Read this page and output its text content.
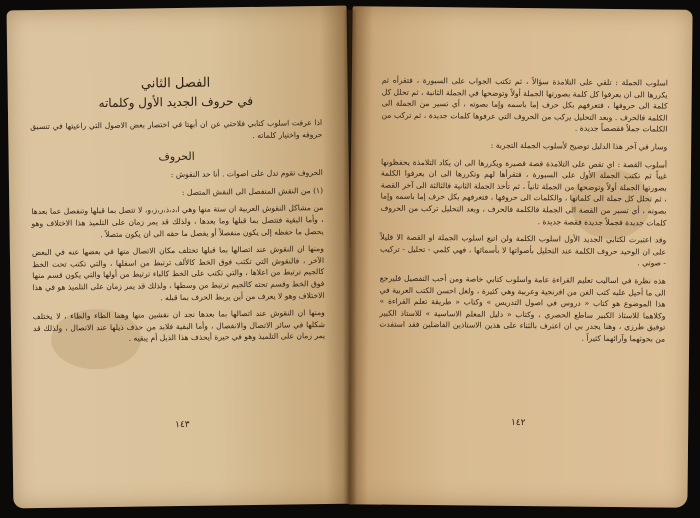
الفصل الثاني
في حروف الجديد الأول وكلماته

اذا عرفت اسلوب كتابي فلاحتي عن ان أبهتا في اختصار بعض الاصول التي راعيتها في تنسيق حروفه واختيار كلماته .

الحروف

الحروف تقوم تدل على اصوات . أنا حد النقوش :

(١) من النقش المنفصل الى النقش المتصل :

من مشاكل النقوش العربية ان ستة منها وهي ا،د،ذ،ر،ز،و، لا تتصل بما قبلها وتنفصل عما بعدها ، وأما البقية فتتصل بما قبلها وما بعدها ، ولذلك قد يمر زمان على التلميذ هذا الاختلاف وهو يحصل ما حفظه إلى يكون منفصلاً أو يفصل ما حقه الى ان يكون متصلاً .

ومنها ان النقوش عند اتصالها بما قبلها تختلف مكان الاتصال منها في بعضها عنه في البعض الآخر ، فالنقوش التي تكتب فوق الخط كالألف ترتبط من اسفلها ، والتي تكتب تحت الخط كالجيم ترتبط من اعلاها ، والتي تكتب على الخط كالباء ترتبط من أولها والتي يكون قسم منها فوق الخط وقسم تحته كالجيم ترتبط من وسطها ، ولذلك قد يمر زمان على التلميذ هو في هذا الاختلاف وهو لا يعرف من أين يربط الحرف بما قبله .

ومنها ان النقوش عند اتصالها بما بعدها نجد ان نقشين منها وهما الطاء والظاء ، لا يختلف شكلها في سائر الاتصال والانفصال ، وأما البقية فلابد من حذف ذيلها عند الاتصال ، ولذلك قد يمر زمان على التلميذ وهو في حيرة أيحذف هذا الذيل أم يبقيه .

١٤٣

اسلوب الجملة : تلقي على التلامذة سؤالاً ، ثم تكتب الجواب على السبورة ، فتقرأه ثم يكررها الى ان يعرفوا كل كلمة بصورتها الجملة أولاً وتوضحها في الجملة الثانية ، ثم تحلل كل كلمة الى حروفها ، فتعرفهم بكل حرف إما باسمه وإما بصوته ، أي تسير من الجملة الى الكلمة فالحرف . وبعد التحليل يركب من الحروف التي عرفوها كلمات جديدة ، ثم تركب من الكلمات جملاً فقصصاً جديدة .

وسار في آخر هذا الدليل توضيح لأسلوب الجملة التجربة :

أسلوب القصة : اي تقص على التلامذة قصة قصيرة ويكررها الى ان يكاد التلامذة يحفظونها غيباً ثم تكتب الجملة الأول على السبورة ، فتقرأها لهم وتكررها الى ان يعرفوا الكلمة بصورتها الجملة أولاً وتوضحها من الجملة ثانياً ، ثم تأخذ الجملة الثانية فالثالثة الى آخر القصة ، ثم تحلل كل جملة الى كلماتها ، والكلمات الى حروفها ، فتعرفهم بكل حرف إما باسمه وإما بصوته ، أي تسير من القصة الى الجملة فالكلمة فالحرف ، وبعد التحليل تركب من الحروف كلمات جديدة فجملاً جديدة فقصة جديدة .

وقد اعتبرت لكتابي الجديد الأول اسلوب الكلمة ولن اتبع اسلوب الجملة او القصة الا قليلاً على ان الوحيد حروف الكلمة عند التحليل بأصواتها لا بأسمائها ، فهي كلمي - تحليل - تركيب - صوتي .

هذه نظرة في اساليب تعليم القراءة عامة واسلوب كتابي خاصة ومن أحب التفصيل فليرجع الى ما أحيل عليه كتب الفن من افرنجية وعربية وهي كثيرة ، ولعل احسن الكتب العربية في هذا الموضوع هو كتاب « دروس في اصول التدريس » وكتاب « طريقة تعلم القراءة » وكلاهما للاستاذ الكبير ساطع الحصري ، وكتاب « دليل المعلم الاساسية » للاستاذ الكبير توفيق طرزي ، وهنا يجدر بي ان اعترف بالثناء على هذين الاستاذين الفاضلين فقد استفدت من بحوثهما وآرائهما كثيراً .

١٤٢
